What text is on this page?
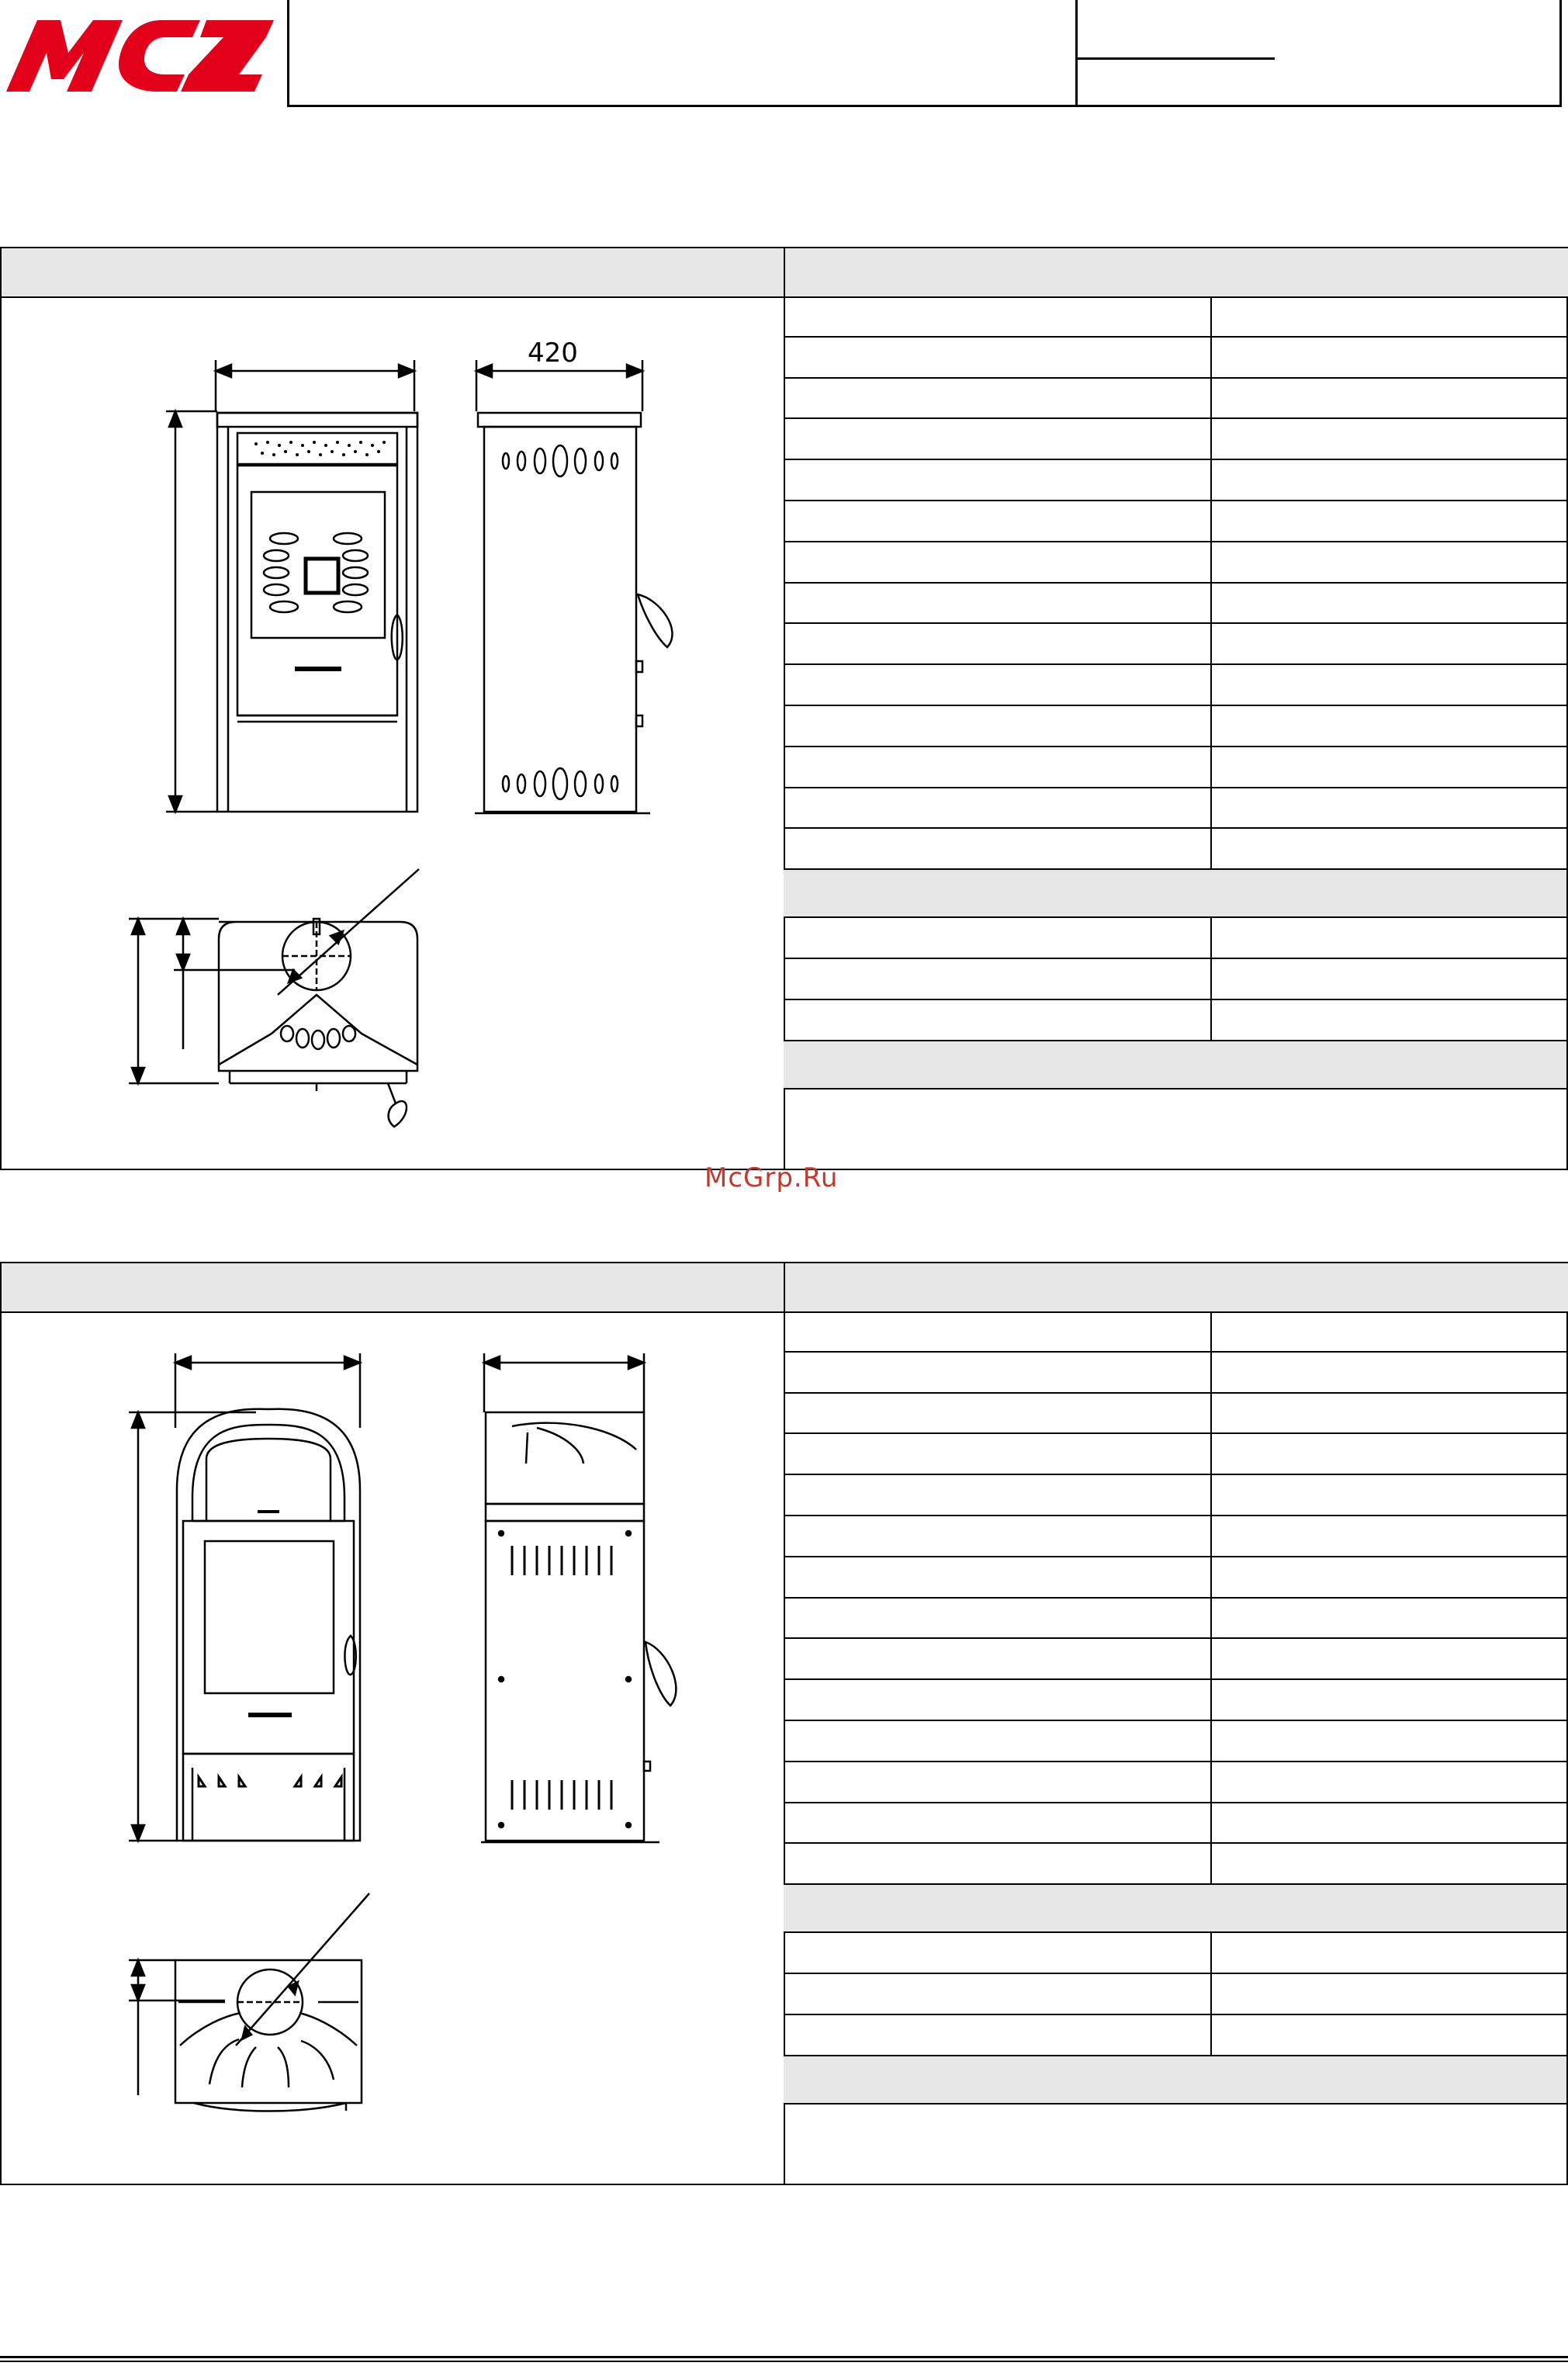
MCZ
420
McGrp.Ru
